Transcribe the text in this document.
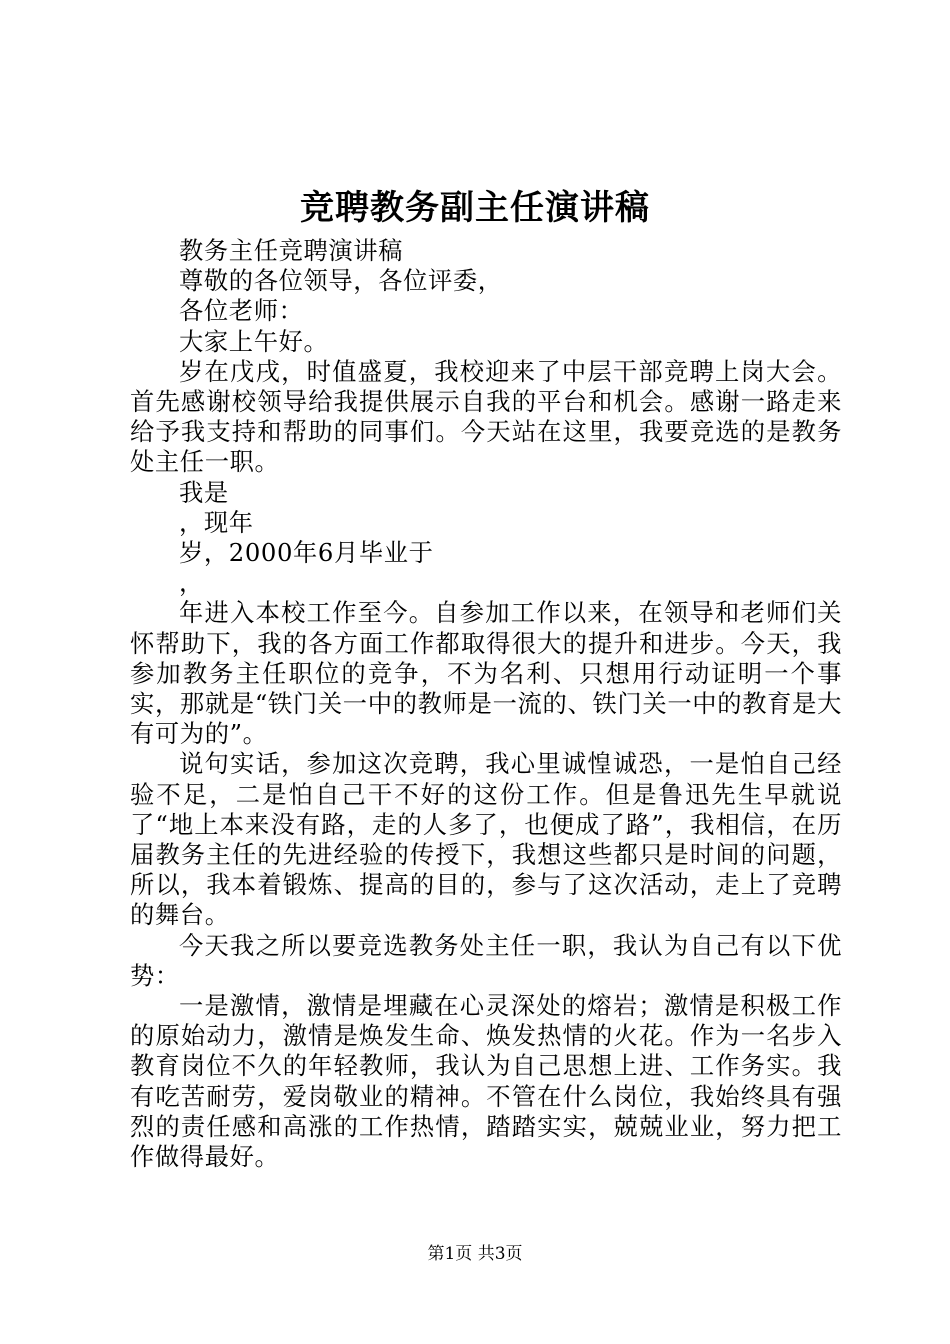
竞聘教务副主任演讲稿

教务主任竞聘演讲稿

尊敬的各位领导，各位评委，

各位老师：

大家上午好。

岁在戊戌，时值盛夏，我校迎来了中层干部竞聘上岗大会。首先感谢校领导给我提供展示自我的平台和机会。感谢一路走来给予我支持和帮助的同事们。今天站在这里，我要竞选的是教务处主任一职。

我是

，现年

岁，2000年6月毕业于

，

年进入本校工作至今。自参加工作以来，在领导和老师们关怀帮助下，我的各方面工作都取得很大的提升和进步。今天，我参加教务主任职位的竞争，不为名利、只想用行动证明一个事实，那就是“铁门关一中的教师是一流的、铁门关一中的教育是大有可为的”。

说句实话，参加这次竞聘，我心里诚惶诚恐，一是怕自己经验不足，二是怕自己干不好的这份工作。但是鲁迅先生早就说了“地上本来没有路，走的人多了，也便成了路”，我相信，在历届教务主任的先进经验的传授下，我想这些都只是时间的问题，所以，我本着锻炼、提高的目的，参与了这次活动，走上了竞聘的舞台。

今天我之所以要竞选教务处主任一职，我认为自己有以下优势：

一是激情，激情是埋藏在心灵深处的熔岩；激情是积极工作的原始动力，激情是焕发生命、焕发热情的火花。作为一名步入教育岗位不久的年轻教师，我认为自己思想上进、工作务实。我有吃苦耐劳，爱岗敬业的精神。不管在什么岗位，我始终具有强烈的责任感和高涨的工作热情，踏踏实实，兢兢业业，努力把工作做得最好。

第1页 共3页
